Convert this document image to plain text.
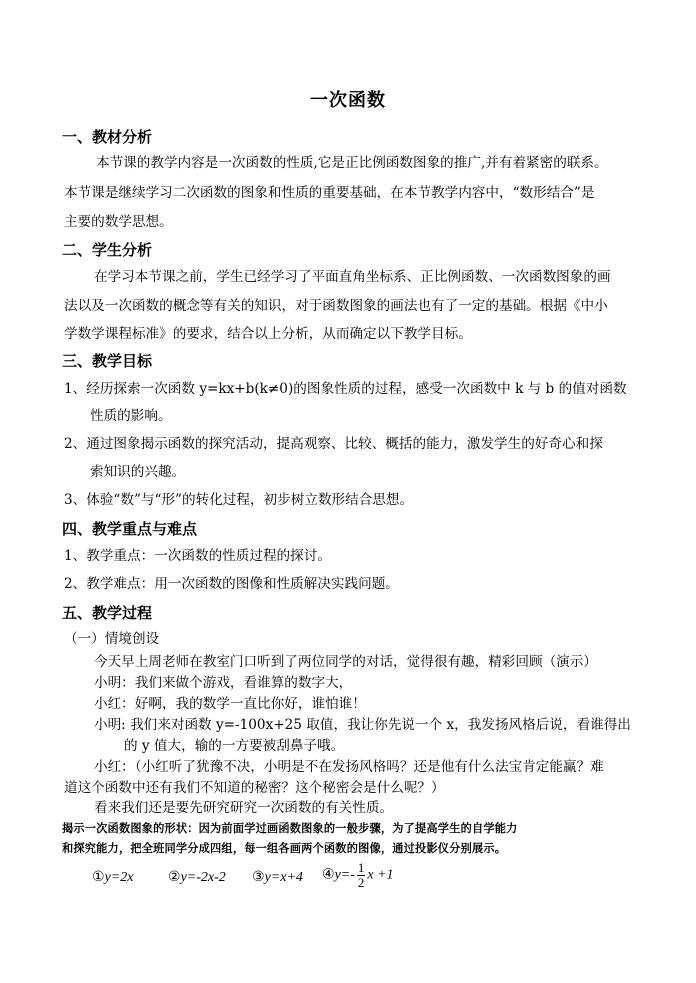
一次函数
一、教材分析
本节课的教学内容是一次函数的性质,它是正比例函数图象的推广,并有着紧密的联系。
本节课是继续学习二次函数的图象和性质的重要基础，在本节教学内容中，“数形结合”是
主要的数学思想。
二、学生分析
在学习本节课之前，学生已经学习了平面直角坐标系、正比例函数、一次函数图象的画
法以及一次函数的概念等有关的知识，对于函数图象的画法也有了一定的基础。根据《中小
学数学课程标准》的要求，结合以上分析，从而确定以下教学目标。
三、教学目标
1、经历探索一次函数 y=kx+b(k≠0)的图象性质的过程，感受一次函数中 k 与 b 的值对函数
性质的影响。
2、通过图象揭示函数的探究活动，提高观察、比较、概括的能力，激发学生的好奇心和探
索知识的兴趣。
3、体验“数”与“形”的转化过程，初步树立数形结合思想。
四、教学重点与难点
1、教学重点：一次函数的性质过程的探讨。
2、教学难点：用一次函数的图像和性质解决实践问题。
五、教学过程
（一）情境创设
今天早上周老师在教室门口听到了两位同学的对话，觉得很有趣，精彩回顾（演示）
小明：我们来做个游戏，看谁算的数字大，
小红：好啊，我的数学一直比你好，谁怕谁！
小明: 我们来对函数 y=-100x+25 取值，我让你先说一个 x，我发扬风格后说，看谁得出
的 y 值大，输的一方要被刮鼻子哦。
小红：（小红听了犹豫不决，小明是不在发扬风格吗？还是他有什么法宝肯定能赢？难
道这个函数中还有我们不知道的秘密？这个秘密会是什么呢？）
看来我们还是要先研究研究一次函数的有关性质。
揭示一次函数图象的形状：因为前面学过画函数图象的一般步骤，为了提高学生的自学能力
和探究能力，把全班同学分成四组，每一组各画两个函数的图像，通过投影仪分别展示。
①y=2x ②y=-2x-2 ③y=x+4 ④y=- $\frac{1}{2}$ x +1
